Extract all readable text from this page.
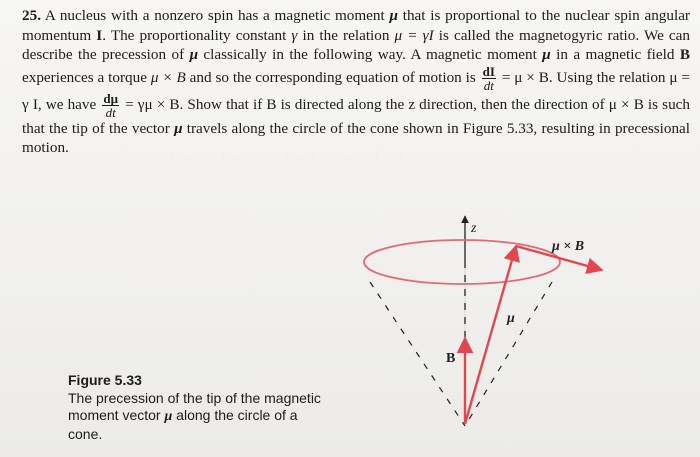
25. A nucleus with a nonzero spin has a magnetic moment μ that is proportional to the nuclear spin angular momentum I. The proportionality constant γ in the relation μ = γI is called the magnetogyric ratio. We can describe the precession of μ classically in the following way. A magnetic moment μ in a magnetic field B experiences a torque μ × B and so the corresponding equation of motion is $\frac{dI}{dt} = \mu \times B$. Using the relation μ = γ I, we have $\frac{d\mu}{dt} = \gamma\mu \times B$. Show that if B is directed along the z direction, then the direction of μ × B is such that the tip of the vector μ travels along the circle of the cone shown in Figure 5.33, resulting in precessional motion.

· · · · · · · · · · · · · · · · · · ·
z
μ × B
μ
B
Figure 5.33
The precession of the tip of the magnetic
moment vector μ along the circle of a
cone.
